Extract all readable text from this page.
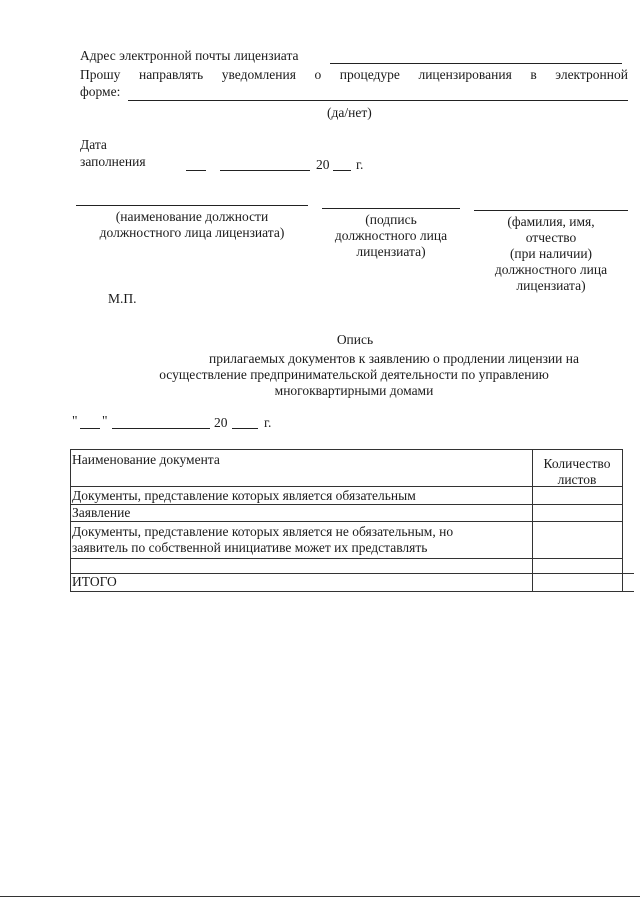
Адрес электронной почты лицензиата
Прошу направлять уведомления о процедуре лицензирования в электронной
форме:
(да/нет)
Дата
заполнения	20 г.
(наименование должности
должностного лица лицензиата)
(подпись
должностного лица
лицензиата)
(фамилия, имя,
отчество
(при наличии)
должностного лица
лицензиата)
М.П.
Опись
прилагаемых документов к заявлению о продлении лицензии на
осуществление предпринимательской деятельности по управлению
многоквартирными домами
" "	20	г.
Наименование документа	Количество
листов
Документы, представление которых является обязательным
Заявление
Документы, представление которых является не обязательным, но
заявитель по собственной инициативе может их представлять
ИТОГО
